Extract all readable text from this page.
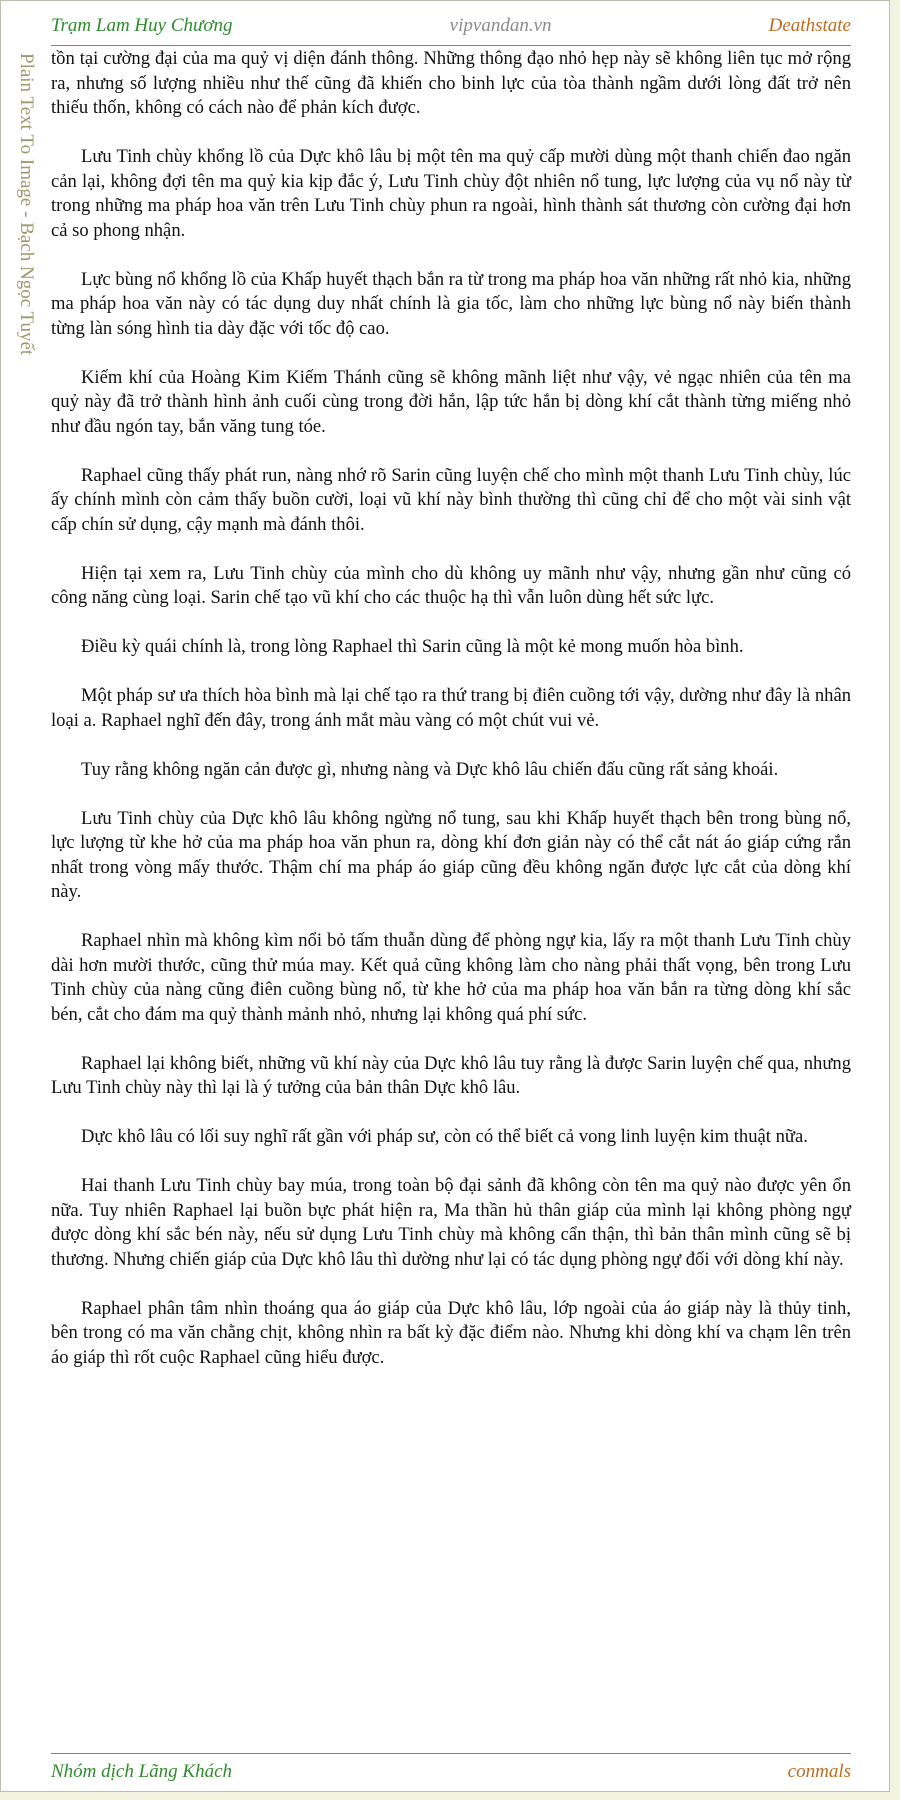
Trạm Lam Huy Chương	vipvandan.vn	Deathstate
Plain Text To Image - Bạch Ngọc Tuyết tồn tại cường đại của ma quỷ vị diện đánh thông. Những thông đạo nhỏ hẹp này sẽ không liên tục mở rộng ra, nhưng số lượng nhiều như thế cũng đã khiến cho binh lực của tòa thành ngầm dưới lòng đất trở nên thiếu thốn, không có cách nào để phản kích được.

Lưu Tinh chùy khổng lồ của Dực khô lâu bị một tên ma quỷ cấp mười dùng một thanh chiến đao ngăn cản lại, không đợi tên ma quỷ kia kịp đắc ý, Lưu Tinh chùy đột nhiên nổ tung, lực lượng của vụ nổ này từ trong những ma pháp hoa văn trên Lưu Tinh chùy phun ra ngoài, hình thành sát thương còn cường đại hơn cả so phong nhận.

Lực bùng nổ khổng lồ của Khấp huyết thạch bắn ra từ trong ma pháp hoa văn những rất nhỏ kia, những ma pháp hoa văn này có tác dụng duy nhất chính là gia tốc, làm cho những lực bùng nổ này biến thành từng làn sóng hình tia dày đặc với tốc độ cao.

Kiếm khí của Hoàng Kim Kiếm Thánh cũng sẽ không mãnh liệt như vậy, vẻ ngạc nhiên của tên ma quỷ này đã trở thành hình ảnh cuối cùng trong đời hắn, lập tức hắn bị dòng khí cắt thành từng miếng nhỏ như đầu ngón tay, bắn văng tung tóe.

Raphael cũng thấy phát run, nàng nhớ rõ Sarin cũng luyện chế cho mình một thanh Lưu Tinh chùy, lúc ấy chính mình còn cảm thấy buồn cười, loại vũ khí này bình thường thì cũng chỉ để cho một vài sinh vật cấp chín sử dụng, cậy mạnh mà đánh thôi.

Hiện tại xem ra, Lưu Tinh chùy của mình cho dù không uy mãnh như vậy, nhưng gần như cũng có công năng cùng loại. Sarin chế tạo vũ khí cho các thuộc hạ thì vẫn luôn dùng hết sức lực.

Điều kỳ quái chính là, trong lòng Raphael thì Sarin cũng là một kẻ mong muốn hòa bình.

Một pháp sư ưa thích hòa bình mà lại chế tạo ra thứ trang bị điên cuồng tới vậy, dường như đây là nhân loại a. Raphael nghĩ đến đây, trong ánh mắt màu vàng có một chút vui vẻ.

Tuy rằng không ngăn cản được gì, nhưng nàng và Dực khô lâu chiến đấu cũng rất sảng khoái.

Lưu Tinh chùy của Dực khô lâu không ngừng nổ tung, sau khi Khấp huyết thạch bên trong bùng nổ, lực lượng từ khe hở của ma pháp hoa văn phun ra, dòng khí đơn giản này có thể cắt nát áo giáp cứng rắn nhất trong vòng mấy thước. Thậm chí ma pháp áo giáp cũng đều không ngăn được lực cắt của dòng khí này.

Raphael nhìn mà không kìm nổi bỏ tấm thuẫn dùng để phòng ngự kia, lấy ra một thanh Lưu Tinh chùy dài hơn mười thước, cũng thử múa may. Kết quả cũng không làm cho nàng phải thất vọng, bên trong Lưu Tinh chùy của nàng cũng điên cuồng bùng nổ, từ khe hở của ma pháp hoa văn bắn ra từng dòng khí sắc bén, cắt cho đám ma quỷ thành mảnh nhỏ, nhưng lại không quá phí sức.

Raphael lại không biết, những vũ khí này của Dực khô lâu tuy rằng là được Sarin luyện chế qua, nhưng Lưu Tinh chùy này thì lại là ý tưởng của bản thân Dực khô lâu.

Dực khô lâu có lối suy nghĩ rất gần với pháp sư, còn có thể biết cả vong linh luyện kim thuật nữa.

Hai thanh Lưu Tinh chùy bay múa, trong toàn bộ đại sảnh đã không còn tên ma quỷ nào được yên ổn nữa. Tuy nhiên Raphael lại buồn bực phát hiện ra, Ma thần hủ thân giáp của mình lại không phòng ngự được dòng khí sắc bén này, nếu sử dụng Lưu Tinh chùy mà không cẩn thận, thì bản thân mình cũng sẽ bị thương. Nhưng chiến giáp của Dực khô lâu thì dường như lại có tác dụng phòng ngự đối với dòng khí này.

Raphael phân tâm nhìn thoáng qua áo giáp của Dực khô lâu, lớp ngoài của áo giáp này là thủy tinh, bên trong có ma văn chằng chịt, không nhìn ra bất kỳ đặc điểm nào. Nhưng khi dòng khí va chạm lên trên áo giáp thì rốt cuộc Raphael cũng hiểu được.

Nhóm dịch Lãng Khách	conmals
